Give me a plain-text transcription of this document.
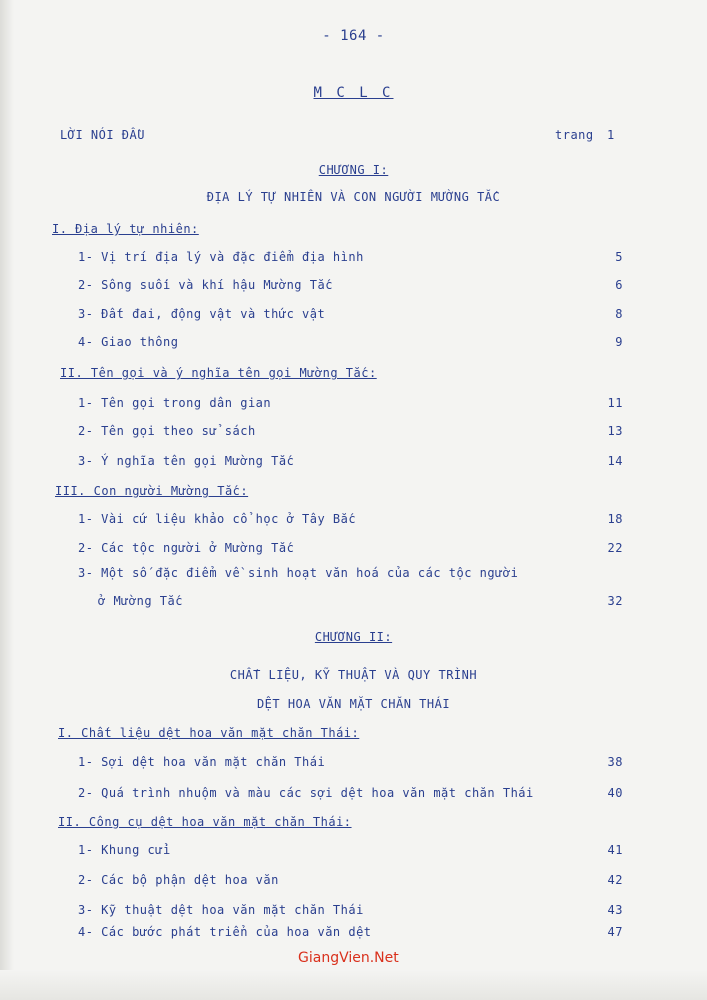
- 164 -
M C L C
LỜI NÓI ĐẦU	trang 1
CHƯƠNG I:
ĐỊA LÝ TỰ NHIÊN VÀ CON NGƯỜI MƯỜNG TẮC
I. Địa lý tự nhiên:
1- Vị trí địa lý và đặc điểm địa hình	5
2- Sông suối và khí hậu Mường Tắc	6
3- Đất đai, động vật và thức vật	8
4- Giao thông	9
II. Tên gọi và ý nghĩa tên gọi Mường Tắc:
1- Tên gọi trong dân gian	11
2- Tên gọi theo sử sách	13
3- Ý nghĩa tên gọi Mường Tắc	14
III. Con người Mường Tắc:
1- Vài cứ liệu khảo cổ học ở Tây Bắc	18
2- Các tộc người ở Mường Tắc	22
3- Một số đặc điểm về sinh hoạt văn hoá của các tộc người
ở Mường Tắc	32
CHƯƠNG II:
CHẤT LIỆU, KỸ THUẬT VÀ QUY TRÌNH
DỆT HOA VĂN MẶT CHĂN THÁI
I. Chất liệu dệt hoa văn mặt chăn Thái:
1- Sợi dệt hoa văn mặt chăn Thái	38
2- Quá trình nhuộm và màu các sợi dệt hoa văn mặt chăn Thái	40
II. Công cụ dệt hoa văn mặt chăn Thái:
1- Khung cửi	41
2- Các bộ phận dệt hoa văn	42
3- Kỹ thuật dệt hoa văn mặt chăn Thái	43
4- Các bước phát triển của hoa văn dệt	47
GiangVien.Net
